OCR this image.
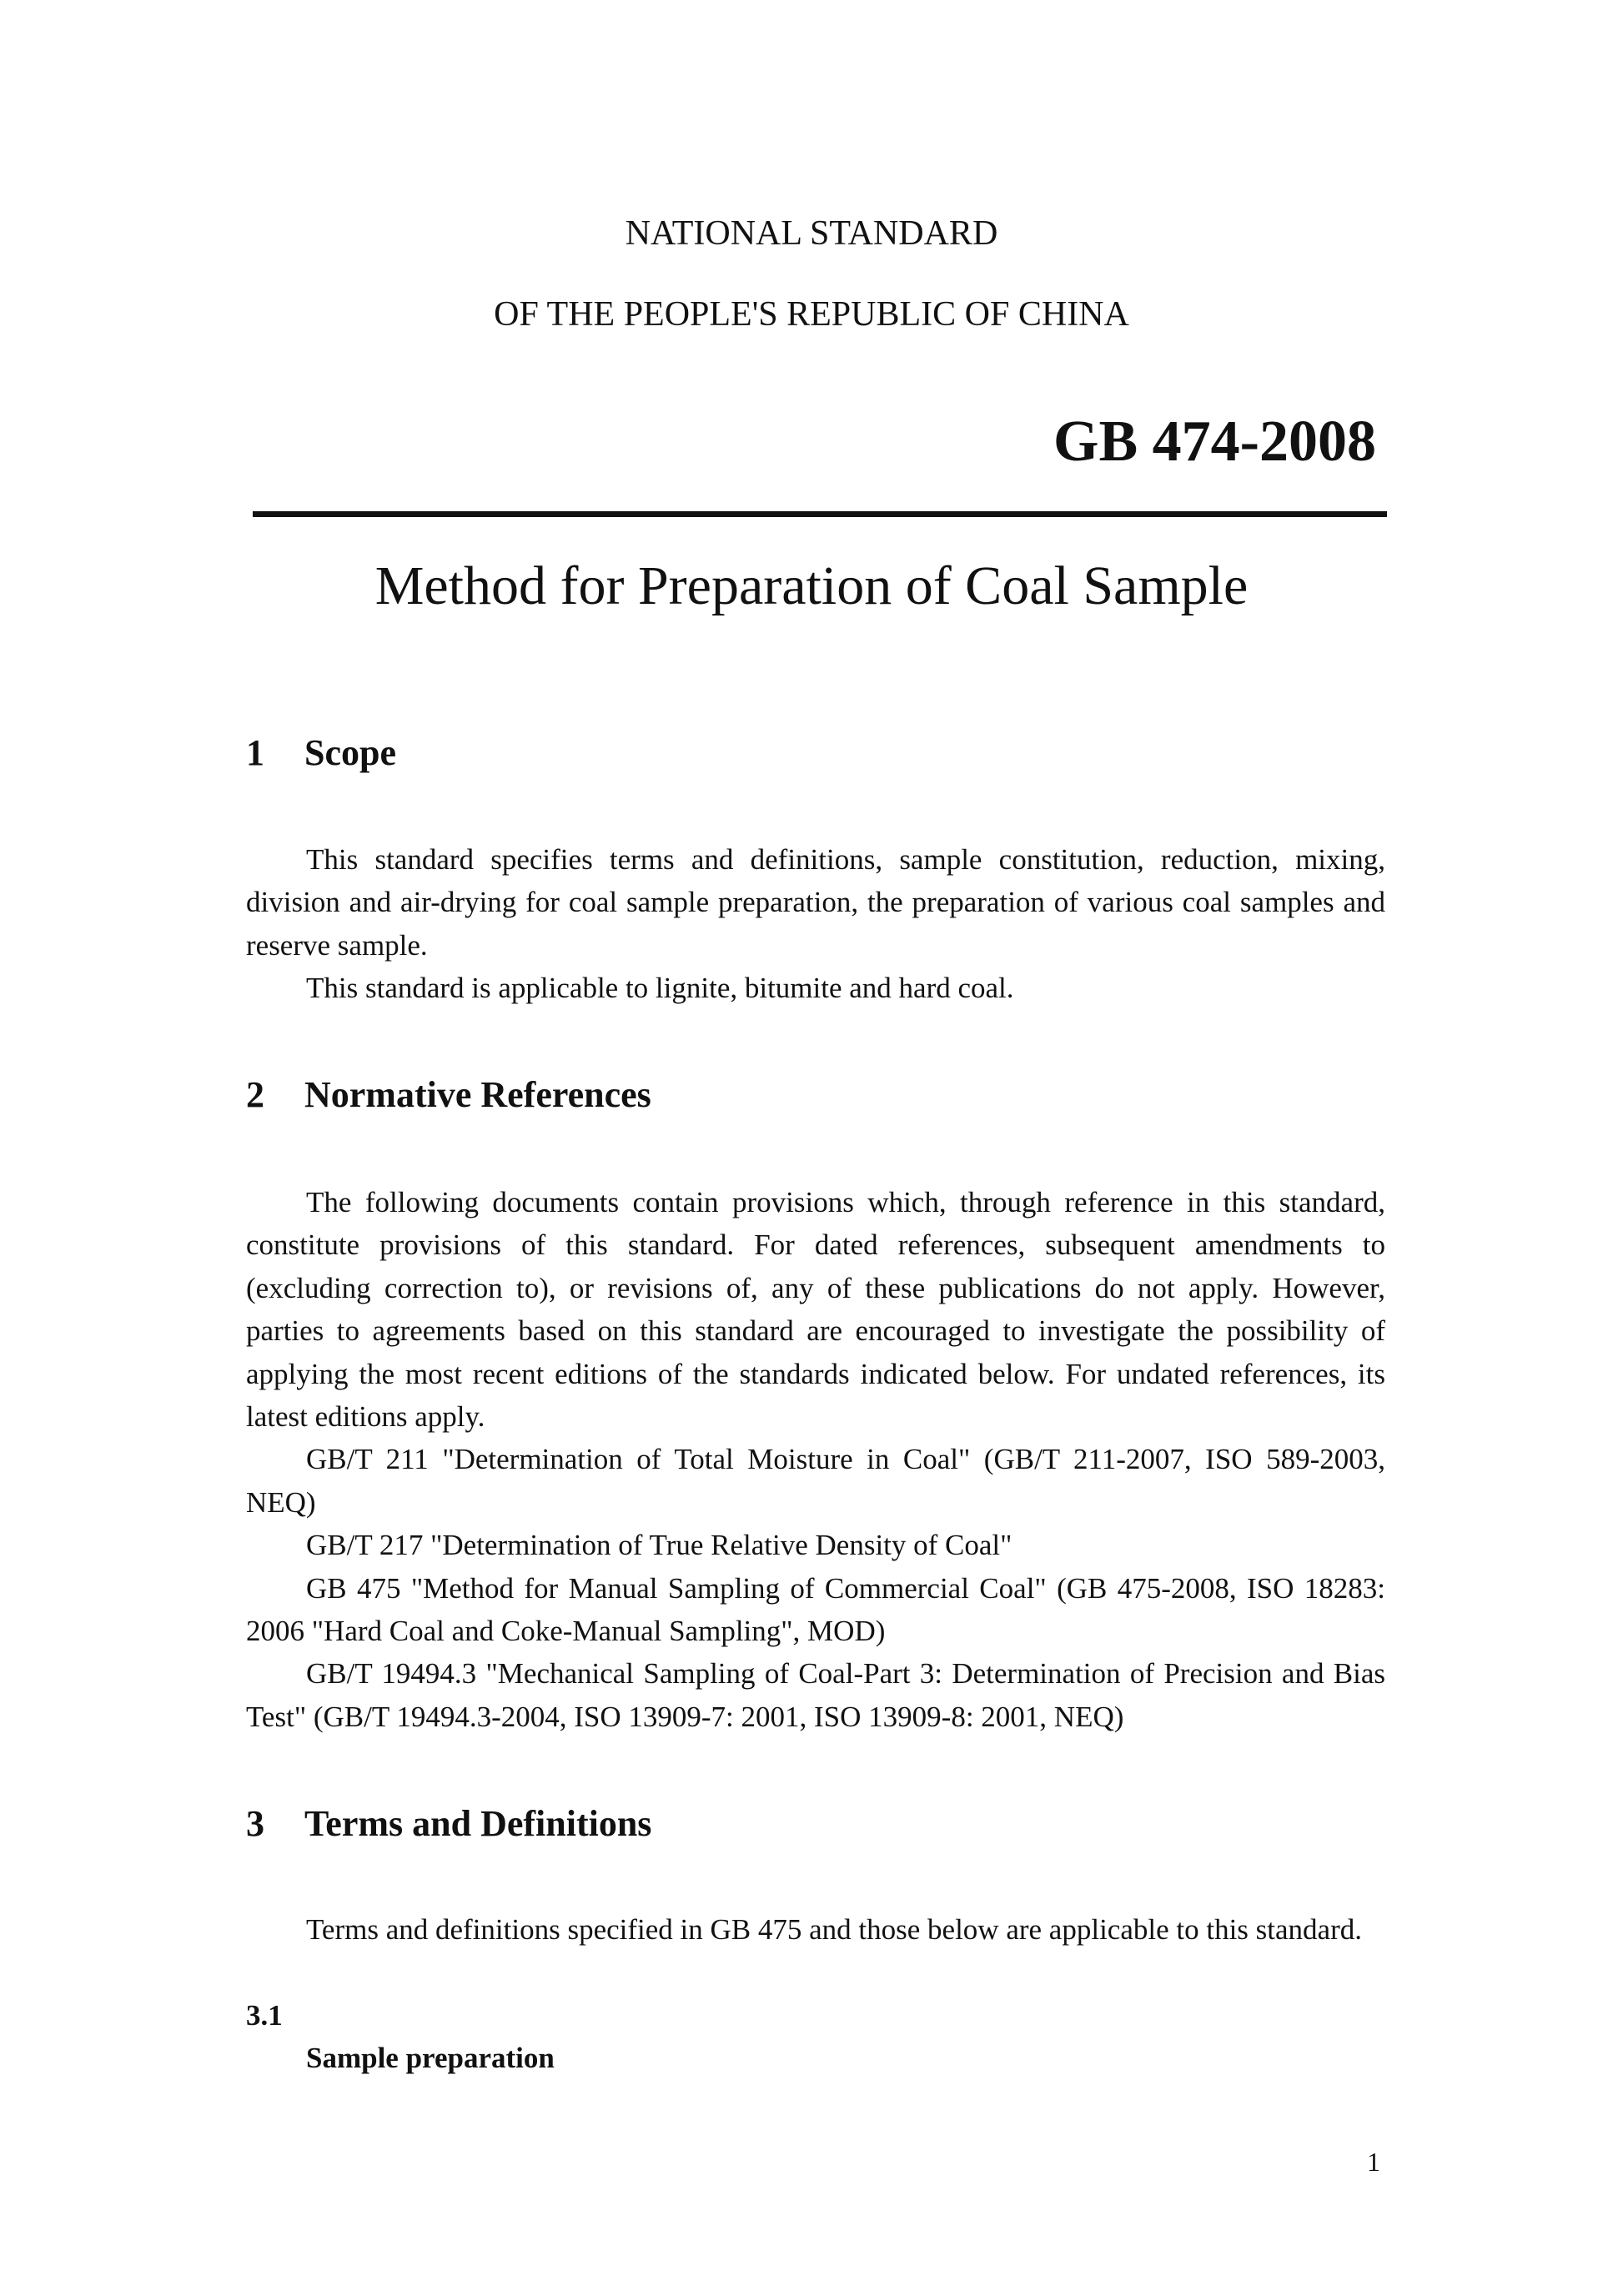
NATIONAL STANDARD
OF THE PEOPLE'S REPUBLIC OF CHINA
GB 474-2008
Method for Preparation of Coal Sample
1 Scope

This standard specifies terms and definitions, sample constitution, reduction, mixing, division and air-drying for coal sample preparation, the preparation of various coal samples and reserve sample.

This standard is applicable to lignite, bitumite and hard coal.

2 Normative References

The following documents contain provisions which, through reference in this standard, constitute provisions of this standard. For dated references, subsequent amendments to (excluding correction to), or revisions of, any of these publications do not apply. However, parties to agreements based on this standard are encouraged to investigate the possibility of applying the most recent editions of the standards indicated below. For undated references, its latest editions apply.

GB/T 211 "Determination of Total Moisture in Coal" (GB/T 211-2007, ISO 589-2003, NEQ)

GB/T 217 "Determination of True Relative Density of Coal"

GB 475 "Method for Manual Sampling of Commercial Coal" (GB 475-2008, ISO 18283: 2006 "Hard Coal and Coke-Manual Sampling", MOD)

GB/T 19494.3 "Mechanical Sampling of Coal-Part 3: Determination of Precision and Bias Test" (GB/T 19494.3-2004, ISO 13909-7: 2001, ISO 13909-8: 2001, NEQ)

3 Terms and Definitions

Terms and definitions specified in GB 475 and those below are applicable to this standard.

3.1

Sample preparation

1
